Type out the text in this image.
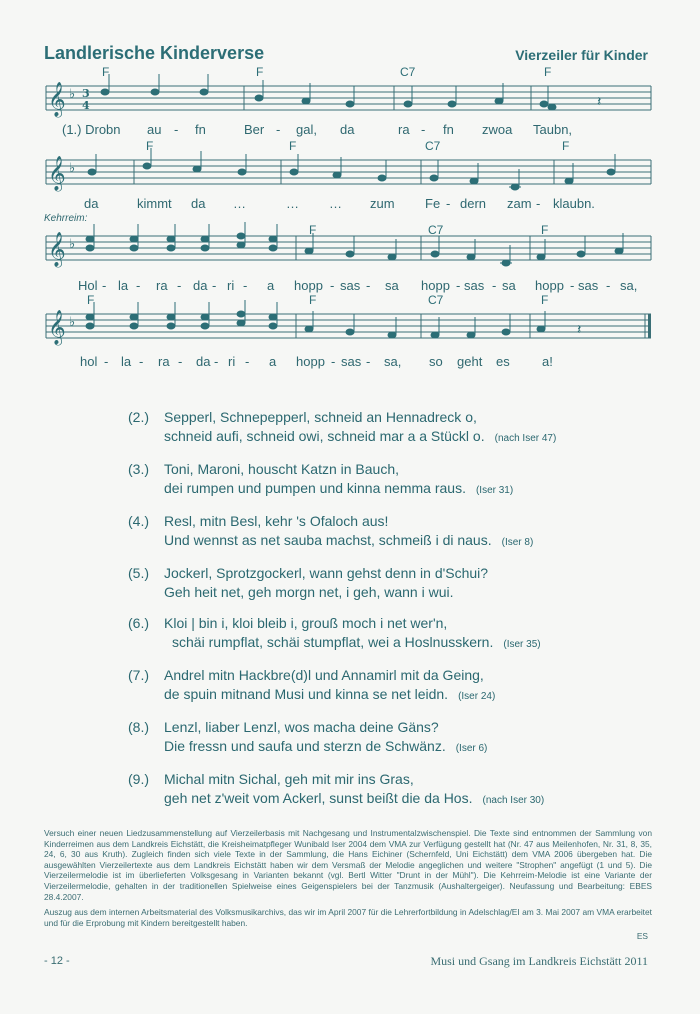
Landlerische Kinderverse	Vierzeiler für Kinder
𝄞 ♭ 3
4	𝄽
F	F	C7	F
(1.) Drobn au - fn	Ber - gal, da	ra - fn zwoa Taubn,
𝄞 ♭
F	F	C7	F
da	kimmt da …	… … zum Fe - dern zam - klaubn.
Kehrreim:
𝄞 ♭
F	C7	F
Hol - la - ra - da - ri - a hopp - sas - sa hopp - sas - sa hopp - sas - sa,
𝄞 ♭	𝄽
F	F	C7	F
hol - la - ra - da - ri - a hopp - sas - sa, so geht es a!
(2.) Sepperl, Schnepepperl, schneid an Hennadreck o,
schneid aufi, schneid owi, schneid mar a a Stückl o. (nach Iser 47)
(3.) Toni, Maroni, houscht Katzn in Bauch,
dei rumpen und pumpen und kinna nemma raus. (Iser 31)
(4.) Resl, mitn Besl, kehr 's Ofaloch aus!
Und wennst as net sauba machst, schmeiß i di naus. (Iser 8)
(5.) Jockerl, Sprotzgockerl, wann gehst denn in d'Schui?
Geh heit net, geh morgn net, i geh, wann i wui.
(6.) Kloi | bin i, kloi bleib i, grouß moch i net wer'n,
schäi rumpflat, schäi stumpflat, wei a Hoslnusskern. (Iser 35)
(7.) Andrel mitn Hackbre(d)l und Annamirl mit da Geing,
de spuin mitnand Musi und kinna se net leidn. (Iser 24)
(8.) Lenzl, liaber Lenzl, wos macha deine Gäns?
Die fressn und saufa und sterzn de Schwänz. (Iser 6)
(9.) Michal mitn Sichal, geh mit mir ins Gras,
geh net z'weit vom Ackerl, sunst beißt die da Hos. (nach Iser 30)

Versuch einer neuen Liedzusammenstellung auf Vierzeilerbasis mit Nachgesang und Instrumentalzwischenspiel. Die Texte sind entnommen der Sammlung von Kinderreimen aus dem Landkreis Eichstätt, die Kreisheimatpfleger Wunibald Iser 2004 dem VMA zur Verfügung gestellt hat (Nr. 47 aus Meilenhofen, Nr. 31, 8, 35, 24, 6, 30 aus Kruth). Zugleich finden sich viele Texte in der Sammlung, die Hans Eichiner (Schernfeld, Uni Eichstätt) dem VMA 2006 übergeben hat. Die ausgewählten Vierzeilertexte aus dem Landkreis Eichstätt haben wir dem Versmaß der Melodie angeglichen und weitere "Strophen" angefügt (1 und 5). Die Vierzeilermelodie ist im überlieferten Volksgesang in Varianten bekannt (vgl. Bertl Witter "Drunt in der Mühl"). Die Kehrreim-Melodie ist eine Variante der Vierzeilermelodie, gehalten in der traditionellen Spielweise eines Geigenspielers bei der Tanzmusik (Aushaltergeiger). Neufassung und Bearbeitung: EBES 28.4.2007.

Auszug aus dem internen Arbeitsmaterial des Volksmusikarchivs, das wir im April 2007 für die Lehrerfortbildung in Adelschlag/EI am 3. Mai 2007 am VMA erarbeitet und für die Erprobung mit Kindern bereitgestellt haben.

ES
- 12 -	Musi und Gsang im Landkreis Eichstätt 2011
